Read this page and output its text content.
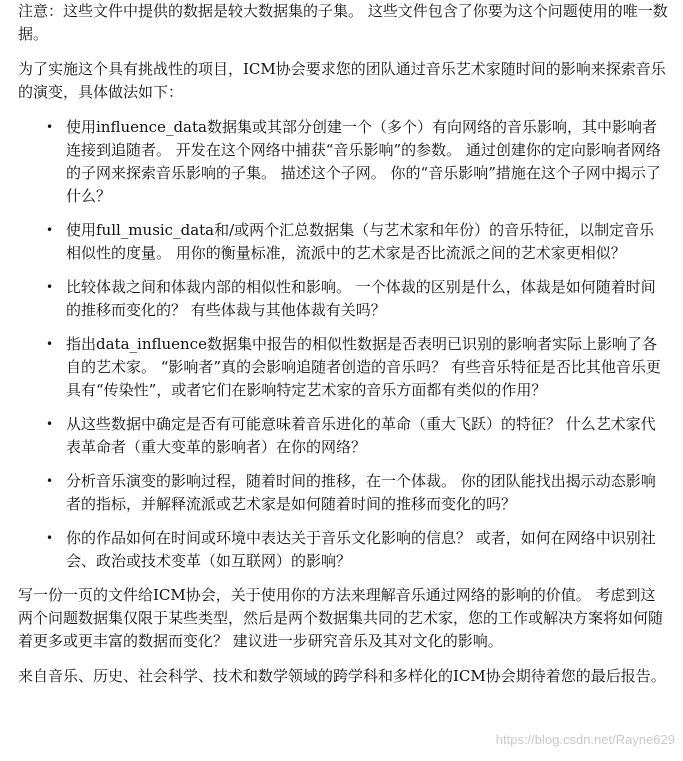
注意：这些文件中提供的数据是较大数据集的子集。 这些文件包含了你要为这个问题使用的唯一数据。

为了实施这个具有挑战性的项目，ICM协会要求您的团队通过音乐艺术家随时间的影响来探索音乐的演变，具体做法如下：

• 使用influence_data数据集或其部分创建一个（多个）有向网络的音乐影响，其中影响者连接到追随者。 开发在这个网络中捕获“音乐影响”的参数。 通过创建你的定向影响者网络的子网来探索音乐影响的子集。 描述这个子网。 你的“音乐影响”措施在这个子网中揭示了什么？
• 使用full_music_data和/或两个汇总数据集（与艺术家和年份）的音乐特征，以制定音乐相似性的度量。 用你的衡量标准，流派中的艺术家是否比流派之间的艺术家更相似？
• 比较体裁之间和体裁内部的相似性和影响。 一个体裁的区别是什么，体裁是如何随着时间的推移而变化的？ 有些体裁与其他体裁有关吗？
• 指出data_influence数据集中报告的相似性数据是否表明已识别的影响者实际上影响了各自的艺术家。 “影响者”真的会影响追随者创造的音乐吗？ 有些音乐特征是否比其他音乐更具有“传染性”，或者它们在影响特定艺术家的音乐方面都有类似的作用？
• 从这些数据中确定是否有可能意味着音乐进化的革命（重大飞跃）的特征？ 什么艺术家代表革命者（重大变革的影响者）在你的网络？
• 分析音乐演变的影响过程，随着时间的推移，在一个体裁。 你的团队能找出揭示动态影响者的指标，并解释流派或艺术家是如何随着时间的推移而变化的吗？
• 你的作品如何在时间或环境中表达关于音乐文化影响的信息？ 或者，如何在网络中识别社会、政治或技术变革（如互联网）的影响？

写一份一页的文件给ICM协会，关于使用你的方法来理解音乐通过网络的影响的价值。 考虑到这两个问题数据集仅限于某些类型，然后是两个数据集共同的艺术家，您的工作或解决方案将如何随着更多或更丰富的数据而变化？ 建议进一步研究音乐及其对文化的影响。

来自音乐、历史、社会科学、技术和数学领域的跨学科和多样化的ICM协会期待着您的最后报告。

https://blog.csdn.net/Rayne629
